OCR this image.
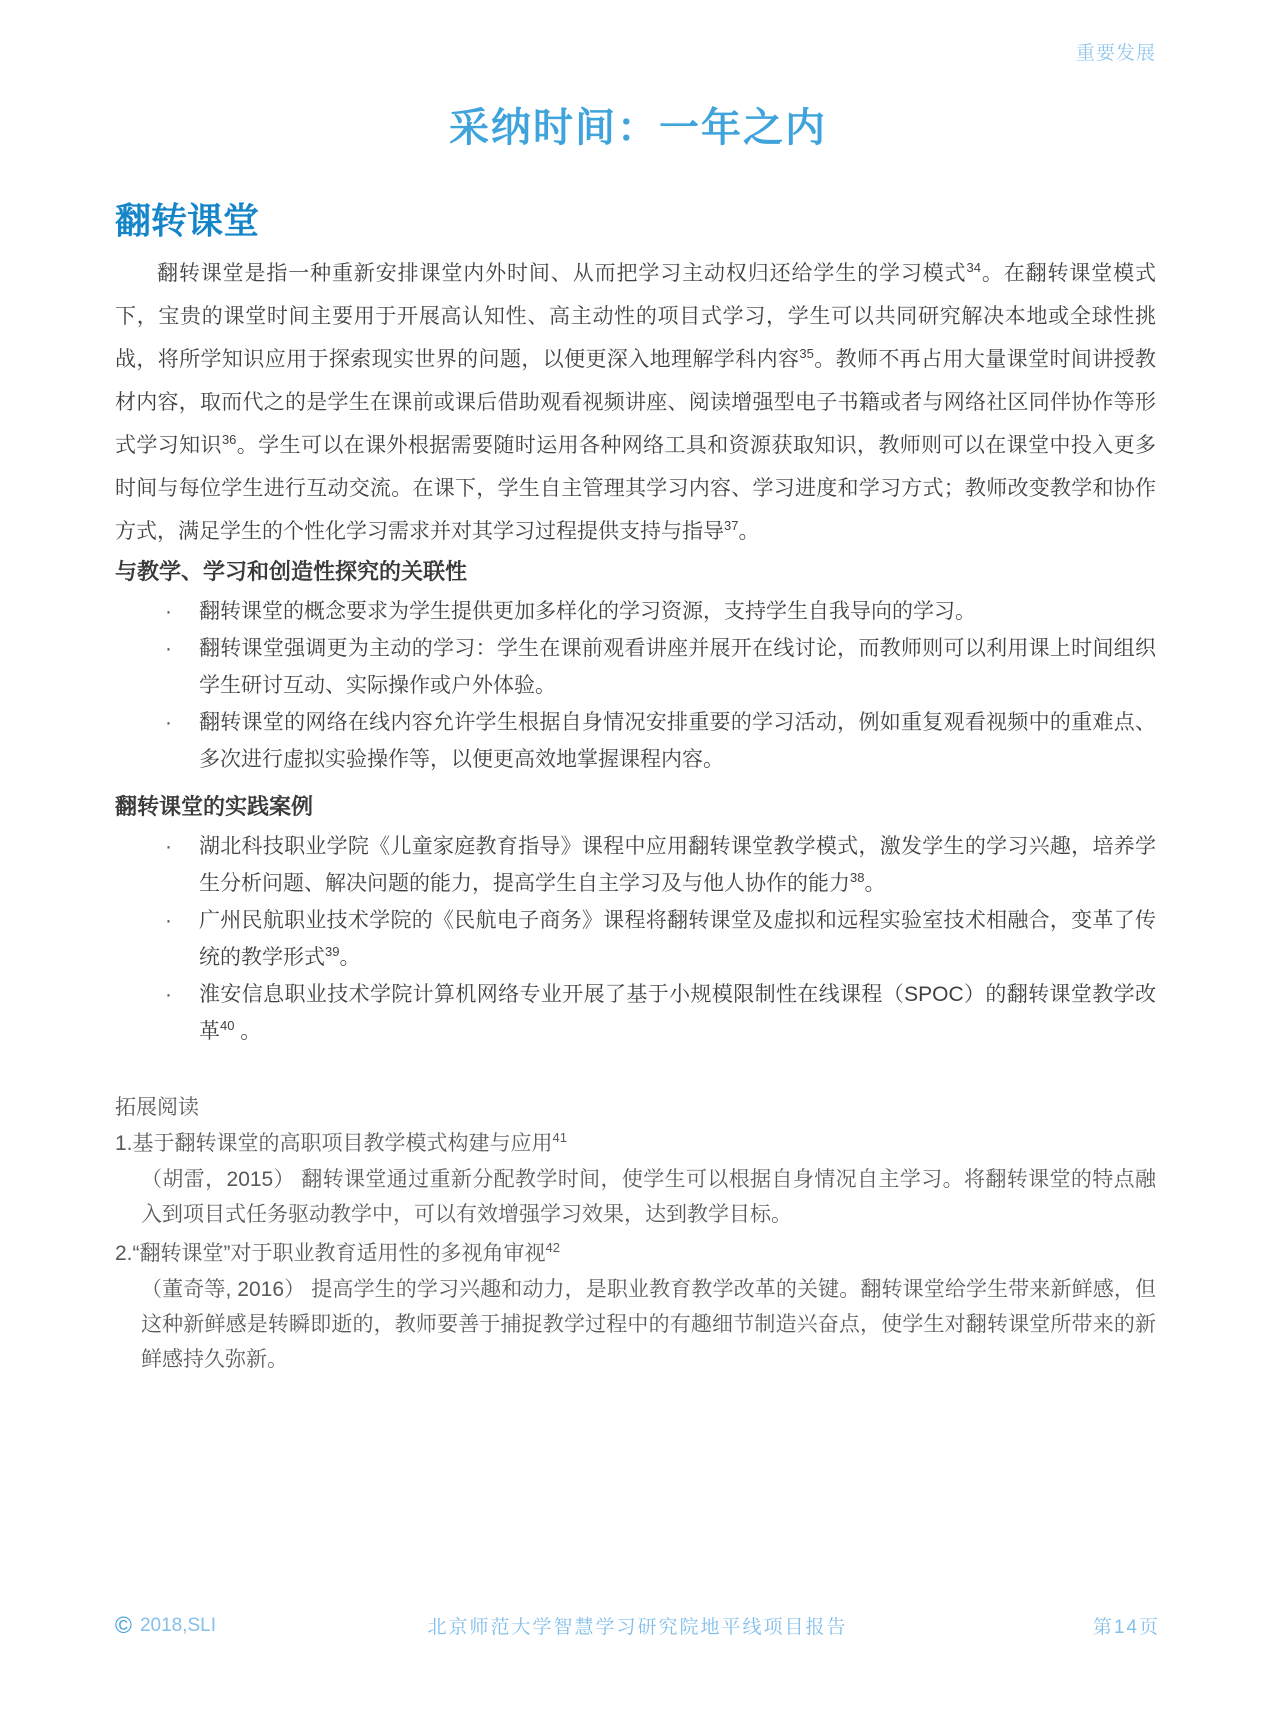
重要发展
采纳时间：一年之内
翻转课堂

翻转课堂是指一种重新安排课堂内外时间、从而把学习主动权归还给学生的学习模式$^{34}$。在翻转课堂模式下，宝贵的课堂时间主要用于开展高认知性、高主动性的项目式学习，学生可以共同研究解决本地或全球性挑战，将所学知识应用于探索现实世界的问题，以便更深入地理解学科内容$^{35}$。教师不再占用大量课堂时间讲授教材内容，取而代之的是学生在课前或课后借助观看视频讲座、阅读增强型电子书籍或者与网络社区同伴协作等形式学习知识$^{36}$。学生可以在课外根据需要随时运用各种网络工具和资源获取知识，教师则可以在课堂中投入更多时间与每位学生进行互动交流。在课下，学生自主管理其学习内容、学习进度和学习方式；教师改变教学和协作方式，满足学生的个性化学习需求并对其学习过程提供支持与指导$^{37}$。

与教学、学习和创造性探究的关联性
· 翻转课堂的概念要求为学生提供更加多样化的学习资源，支持学生自我导向的学习。
· 翻转课堂强调更为主动的学习：学生在课前观看讲座并展开在线讨论，而教师则可以利用课上时间组织学生研讨互动、实际操作或户外体验。
· 翻转课堂的网络在线内容允许学生根据自身情况安排重要的学习活动，例如重复观看视频中的重难点、多次进行虚拟实验操作等，以便更高效地掌握课程内容。
翻转课堂的实践案例
· 湖北科技职业学院《儿童家庭教育指导》课程中应用翻转课堂教学模式，激发学生的学习兴趣，培养学生分析问题、解决问题的能力，提高学生自主学习及与他人协作的能力$^{38}$。
· 广州民航职业技术学院的《民航电子商务》课程将翻转课堂及虚拟和远程实验室技术相融合，变革了传统的教学形式$^{39}$。
· 淮安信息职业技术学院计算机网络专业开展了基于小规模限制性在线课程（SPOC）的翻转课堂教学改革$^{40}$ 。
拓展阅读
1.基于翻转课堂的高职项目教学模式构建与应用$^{41}$

（胡雷，2015） 翻转课堂通过重新分配教学时间，使学生可以根据自身情况自主学习。将翻转课堂的特点融入到项目式任务驱动教学中，可以有效增强学习效果，达到教学目标。

2.“翻转课堂”对于职业教育适用性的多视角审视$^{42}$

（董奇等, 2016） 提高学生的学习兴趣和动力，是职业教育教学改革的关键。翻转课堂给学生带来新鲜感，但这种新鲜感是转瞬即逝的，教师要善于捕捉教学过程中的有趣细节制造兴奋点，使学生对翻转课堂所带来的新鲜感持久弥新。

© 2018,SLI	北京师范大学智慧学习研究院地平线项目报告	第14页
